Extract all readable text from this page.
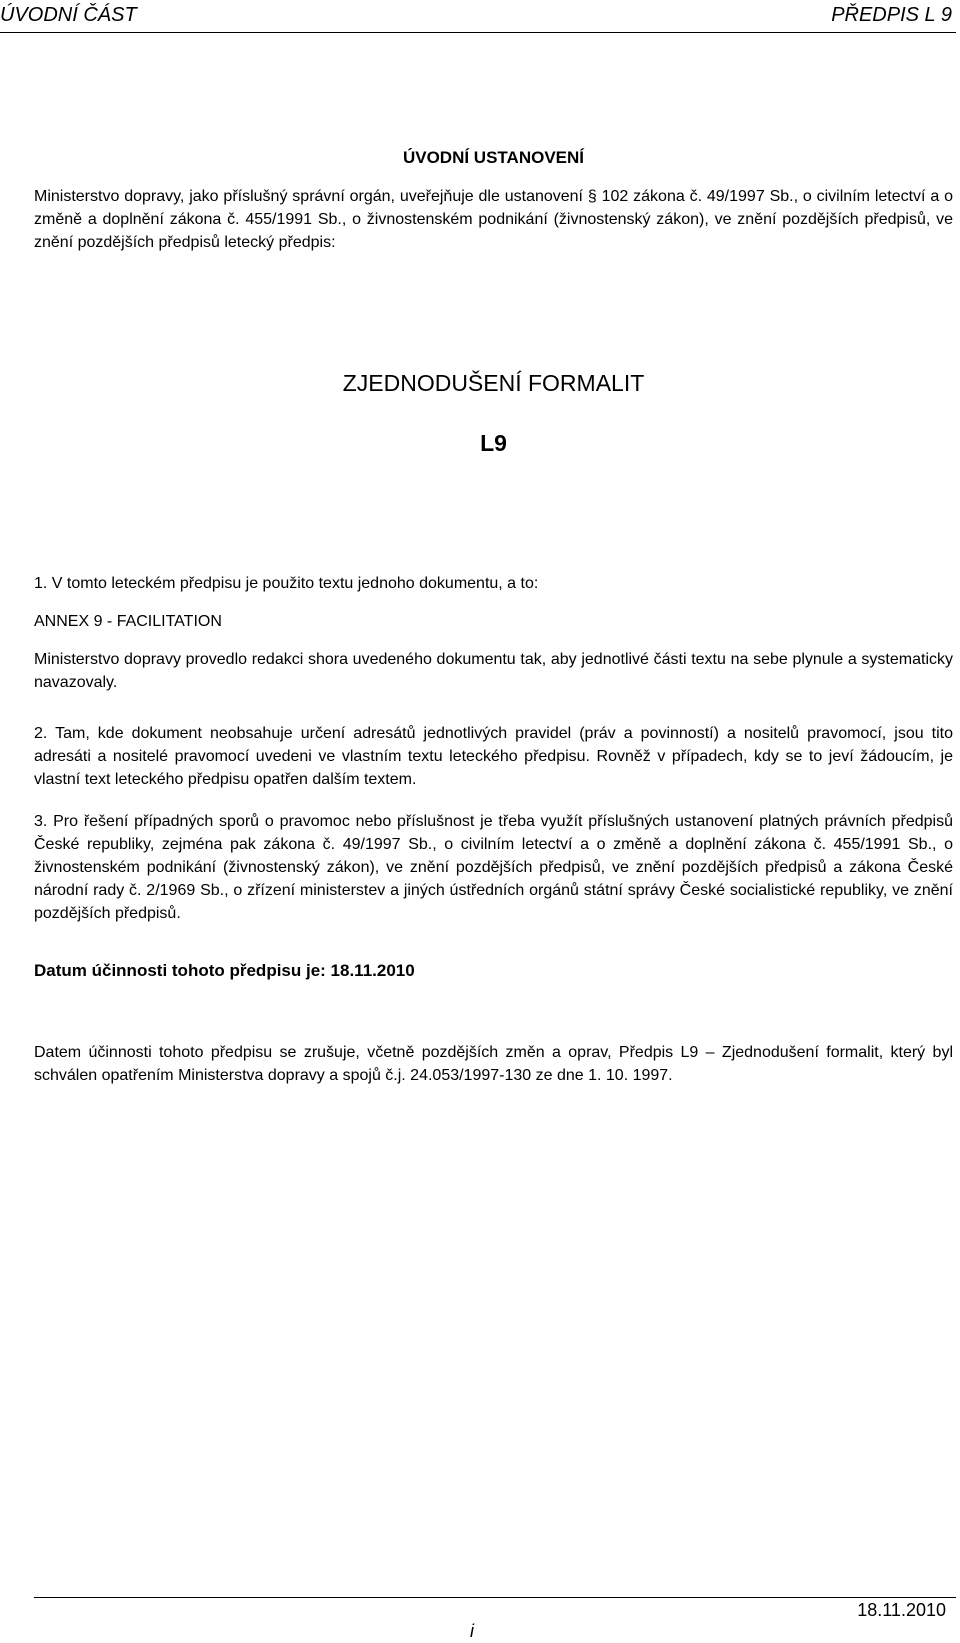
ÚVODNÍ ČÁST	PŘEDPIS L 9
ÚVODNÍ USTANOVENÍ
Ministerstvo dopravy, jako příslušný správní orgán, uveřejňuje dle ustanovení § 102 zákona č. 49/1997 Sb., o civilním letectví a o změně a doplnění zákona č. 455/1991 Sb., o živnostenském podnikání (živnostenský zákon), ve znění pozdějších předpisů, ve znění pozdějších předpisů letecký předpis:
ZJEDNODUŠENÍ FORMALIT
L9

1. V tomto leteckém předpisu je použito textu jednoho dokumentu, a to:

ANNEX 9 - FACILITATION

Ministerstvo dopravy provedlo redakci shora uvedeného dokumentu tak, aby jednotlivé části textu na sebe plynule a systematicky navazovaly.

2. Tam, kde dokument neobsahuje určení adresátů jednotlivých pravidel (práv a povinností) a nositelů pravomocí, jsou tito adresáti a nositelé pravomocí uvedeni ve vlastním textu leteckého předpisu. Rovněž v případech, kdy se to jeví žádoucím, je vlastní text leteckého předpisu opatřen dalším textem.
3. Pro řešení případných sporů o pravomoc nebo příslušnost je třeba využít příslušných ustanovení platných právních předpisů České republiky, zejména pak zákona č. 49/1997 Sb., o civilním letectví a o změně a doplnění zákona č. 455/1991 Sb., o živnostenském podnikání (živnostenský zákon), ve znění pozdějších předpisů, ve znění pozdějších předpisů a zákona České národní rady č. 2/1969 Sb., o zřízení ministerstev a jiných ústředních orgánů státní správy České socialistické republiky, ve znění pozdějších předpisů.
Datum účinnosti tohoto předpisu je: 18.11.2010
Datem účinnosti tohoto předpisu se zrušuje, včetně pozdějších změn a oprav, Předpis L9 – Zjednodušení formalit, který byl schválen opatřením Ministerstva dopravy a spojů č.j. 24.053/1997-130 ze dne 1. 10. 1997.
18.11.2010
i
